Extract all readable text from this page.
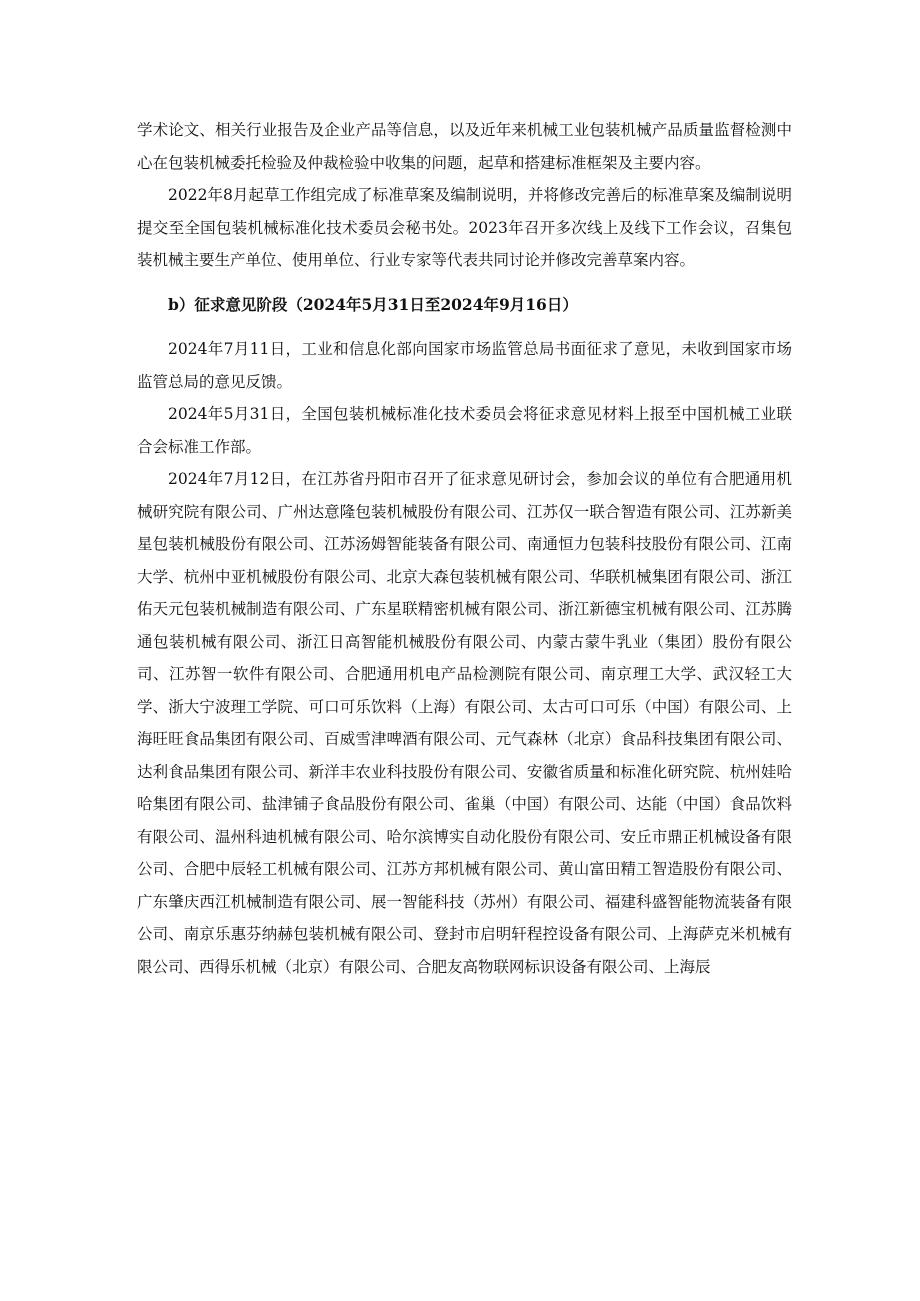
学术论文、相关行业报告及企业产品等信息，以及近年来机械工业包装机械产品质量监督检测中心在包装机械委托检验及仲裁检验中收集的问题，起草和搭建标准框架及主要内容。

2022年8月起草工作组完成了标准草案及编制说明，并将修改完善后的标准草案及编制说明提交至全国包装机械标准化技术委员会秘书处。2023年召开多次线上及线下工作会议，召集包装机械主要生产单位、使用单位、行业专家等代表共同讨论并修改完善草案内容。

b）征求意见阶段（2024年5月31日至2024年9月16日）

2024年7月11日，工业和信息化部向国家市场监管总局书面征求了意见，未收到国家市场监管总局的意见反馈。

2024年5月31日，全国包装机械标准化技术委员会将征求意见材料上报至中国机械工业联合会标准工作部。

2024年7月12日，在江苏省丹阳市召开了征求意见研讨会，参加会议的单位有合肥通用机械研究院有限公司、广州达意隆包装机械股份有限公司、江苏仅一联合智造有限公司、江苏新美星包装机械股份有限公司、江苏汤姆智能装备有限公司、南通恒力包装科技股份有限公司、江南大学、杭州中亚机械股份有限公司、北京大森包装机械有限公司、华联机械集团有限公司、浙江佑天元包装机械制造有限公司、广东星联精密机械有限公司、浙江新德宝机械有限公司、江苏腾通包装机械有限公司、浙江日高智能机械股份有限公司、内蒙古蒙牛乳业（集团）股份有限公司、江苏智一软件有限公司、合肥通用机电产品检测院有限公司、南京理工大学、武汉轻工大学、浙大宁波理工学院、可口可乐饮料（上海）有限公司、太古可口可乐（中国）有限公司、上海旺旺食品集团有限公司、百威雪津啤酒有限公司、元气森林（北京）食品科技集团有限公司、达利食品集团有限公司、新洋丰农业科技股份有限公司、安徽省质量和标准化研究院、杭州娃哈哈集团有限公司、盐津铺子食品股份有限公司、雀巢（中国）有限公司、达能（中国）食品饮料有限公司、温州科迪机械有限公司、哈尔滨博实自动化股份有限公司、安丘市鼎正机械设备有限公司、合肥中辰轻工机械有限公司、江苏方邦机械有限公司、黄山富田精工智造股份有限公司、广东肇庆西江机械制造有限公司、展一智能科技（苏州）有限公司、福建科盛智能物流装备有限公司、南京乐惠芬纳赫包装机械有限公司、登封市启明轩程控设备有限公司、上海萨克米机械有限公司、西得乐机械（北京）有限公司、合肥友高物联网标识设备有限公司、上海辰
